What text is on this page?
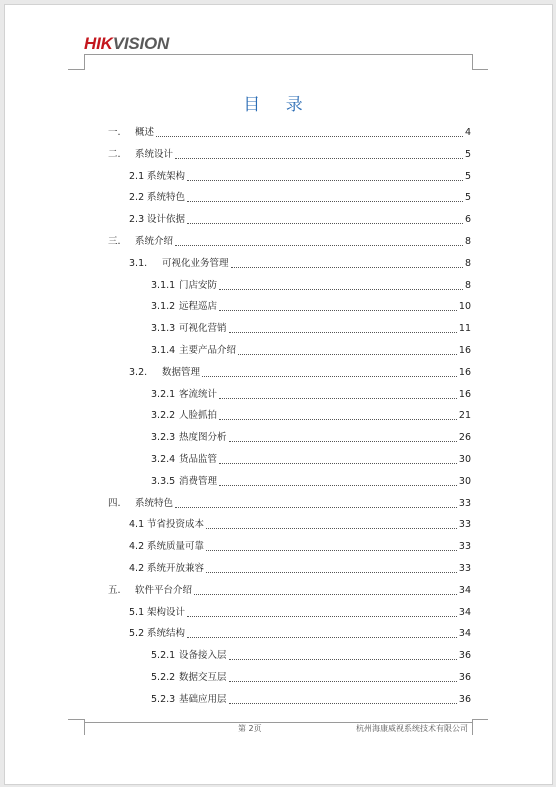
HIKVISION
目 录
一.	概述	4
二.	系统设计	5
2.1 系统架构	5
2.2 系统特色	5
2.3 设计依据	6
三.	系统介绍	8
3.1.	可视化业务管理	8
3.1.1 门店安防	8
3.1.2 远程巡店	10
3.1.3 可视化营销	11
3.1.4 主要产品介绍	16
3.2.	数据管理	16
3.2.1 客流统计	16
3.2.2 人脸抓拍	21
3.2.3 热度图分析	26
3.2.4 货品监管	30
3.3.5 消费管理	30
四.	系统特色	33
4.1 节省投资成本	33
4.2 系统质量可靠	33
4.2 系统开放兼容	33
五.	软件平台介绍	34
5.1 架构设计	34
5.2 系统结构	34
5.2.1 设备接入层	36
5.2.2 数据交互层	36
5.2.3 基础应用层	36
第 2页	杭州海康威视系统技术有限公司
